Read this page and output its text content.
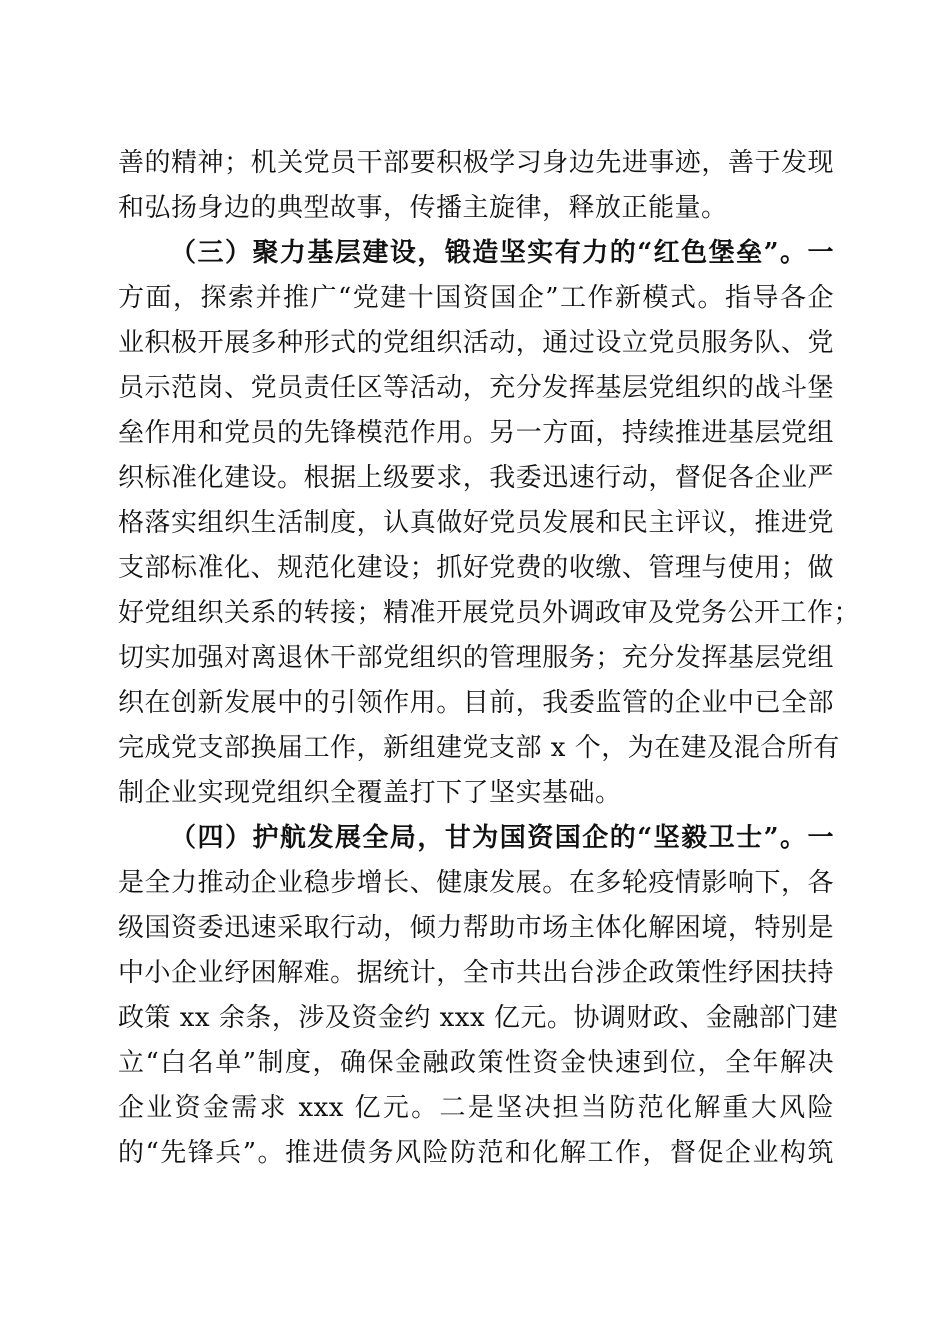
善的精神；机关党员干部要积极学习身边先进事迹，善于发现
和弘扬身边的典型故事，传播主旋律，释放正能量。
（三）聚力基层建设，锻造坚实有力的“红色堡垒”。一
方面，探索并推广“党建十国资国企”工作新模式。指导各企
业积极开展多种形式的党组织活动，通过设立党员服务队、党
员示范岗、党员责任区等活动，充分发挥基层党组织的战斗堡
垒作用和党员的先锋模范作用。另一方面，持续推进基层党组
织标准化建设。根据上级要求，我委迅速行动，督促各企业严
格落实组织生活制度，认真做好党员发展和民主评议，推进党
支部标准化、规范化建设；抓好党费的收缴、管理与使用；做
好党组织关系的转接；精准开展党员外调政审及党务公开工作；
切实加强对离退休干部党组织的管理服务；充分发挥基层党组
织在创新发展中的引领作用。目前，我委监管的企业中已全部
完成党支部换届工作，新组建党支部 x 个，为在建及混合所有
制企业实现党组织全覆盖打下了坚实基础。
（四）护航发展全局，甘为国资国企的“坚毅卫士”。一
是全力推动企业稳步增长、健康发展。在多轮疫情影响下，各
级国资委迅速采取行动，倾力帮助市场主体化解困境，特别是
中小企业纾困解难。据统计，全市共出台涉企政策性纾困扶持
政策 xx 余条，涉及资金约 xxx 亿元。协调财政、金融部门建
立“白名单”制度，确保金融政策性资金快速到位，全年解决
企业资金需求 xxx 亿元。二是坚决担当防范化解重大风险
的“先锋兵”。推进债务风险防范和化解工作，督促企业构筑
